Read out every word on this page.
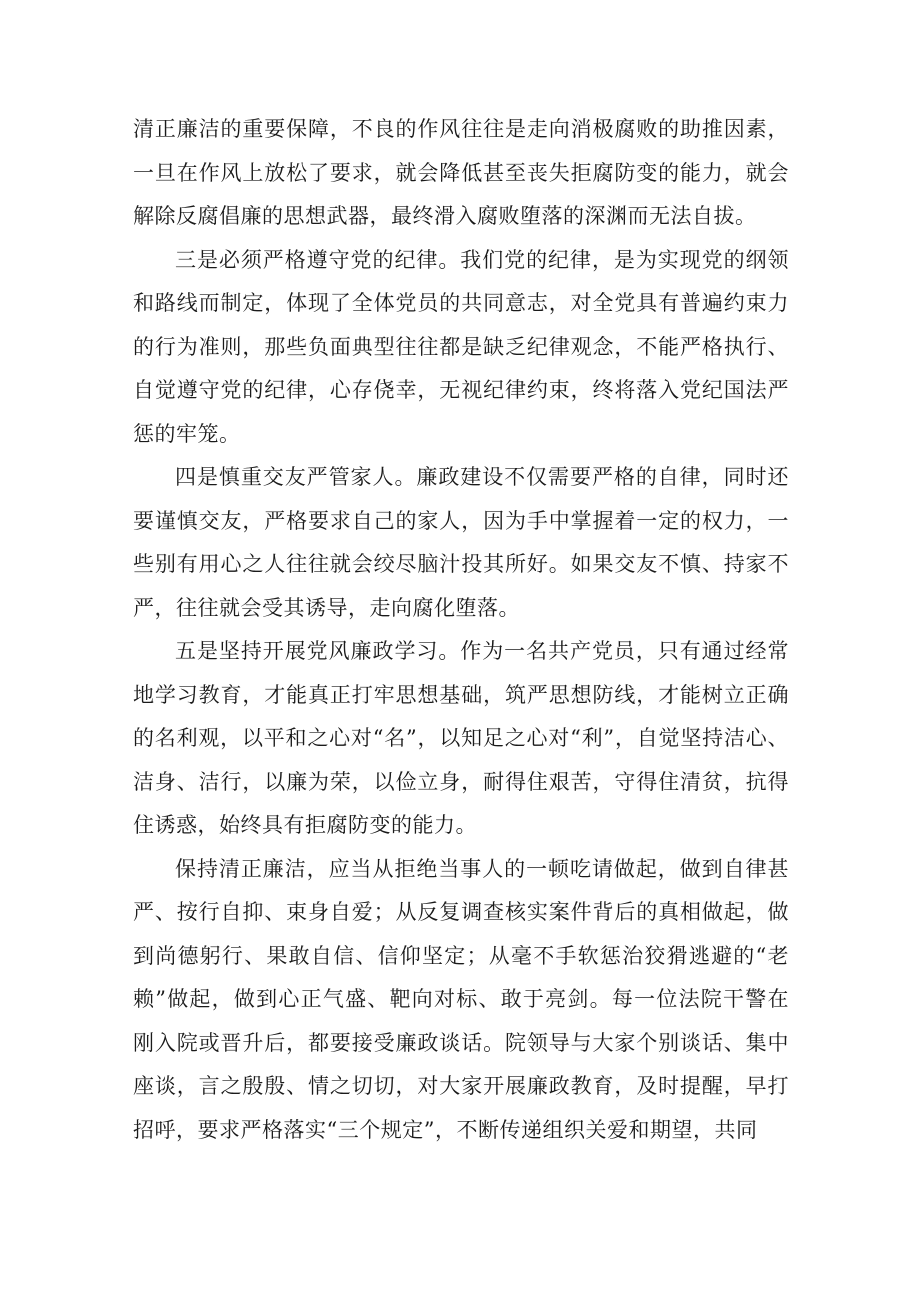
清正廉洁的重要保障，不良的作风往往是走向消极腐败的助推因素，一旦在作风上放松了要求，就会降低甚至丧失拒腐防变的能力，就会解除反腐倡廉的思想武器，最终滑入腐败堕落的深渊而无法自拔。

三是必须严格遵守党的纪律。我们党的纪律，是为实现党的纲领和路线而制定，体现了全体党员的共同意志，对全党具有普遍约束力的行为准则，那些负面典型往往都是缺乏纪律观念，不能严格执行、自觉遵守党的纪律，心存侥幸，无视纪律约束，终将落入党纪国法严惩的牢笼。

四是慎重交友严管家人。廉政建设不仅需要严格的自律，同时还要谨慎交友，严格要求自己的家人，因为手中掌握着一定的权力，一些别有用心之人往往就会绞尽脑汁投其所好。如果交友不慎、持家不严，往往就会受其诱导，走向腐化堕落。

五是坚持开展党风廉政学习。作为一名共产党员，只有通过经常地学习教育，才能真正打牢思想基础，筑严思想防线，才能树立正确的名利观，以平和之心对“名”，以知足之心对“利”，自觉坚持洁心、洁身、洁行，以廉为荣，以俭立身，耐得住艰苦，守得住清贫，抗得住诱惑，始终具有拒腐防变的能力。

保持清正廉洁，应当从拒绝当事人的一顿吃请做起，做到自律甚严、按行自抑、束身自爱；从反复调查核实案件背后的真相做起，做到尚德躬行、果敢自信、信仰坚定；从毫不手软惩治狡猾逃避的“老赖”做起，做到心正气盛、靶向对标、敢于亮剑。每一位法院干警在刚入院或晋升后，都要接受廉政谈话。院领导与大家个别谈话、集中座谈，言之殷殷、情之切切，对大家开展廉政教育，及时提醒，早打招呼，要求严格落实“三个规定”，不断传递组织关爱和期望，共同
